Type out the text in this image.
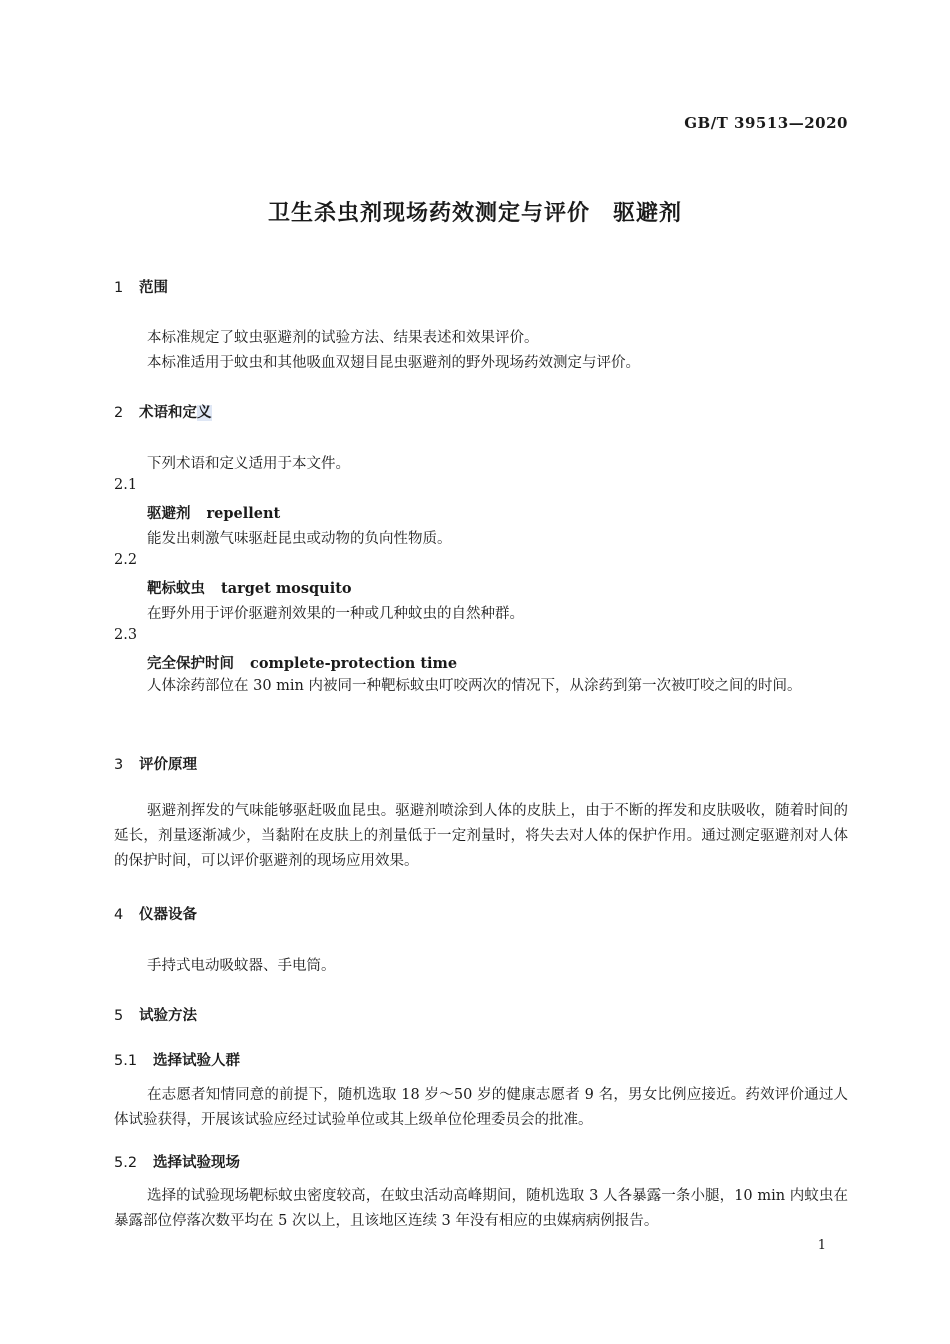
GB/T 39513—2020
卫生杀虫剂现场药效测定与评价　驱避剂
1 范围
本标准规定了蚊虫驱避剂的试验方法、结果表述和效果评价。
本标准适用于蚊虫和其他吸血双翅目昆虫驱避剂的野外现场药效测定与评价。
2 术语和定义
下列术语和定义适用于本文件。
2.1
驱避剂 repellent
能发出刺激气味驱赶昆虫或动物的负向性物质。
2.2
靶标蚊虫 target mosquito
在野外用于评价驱避剂效果的一种或几种蚊虫的自然种群。
2.3
完全保护时间 complete-protection time
人体涂药部位在 30 min 内被同一种靶标蚊虫叮咬两次的情况下，从涂药到第一次被叮咬之间的时间。
3 评价原理
驱避剂挥发的气味能够驱赶吸血昆虫。驱避剂喷涂到人体的皮肤上，由于不断的挥发和皮肤吸收，随着时间的延长，剂量逐渐减少，当黏附在皮肤上的剂量低于一定剂量时，将失去对人体的保护作用。通过测定驱避剂对人体的保护时间，可以评价驱避剂的现场应用效果。
4 仪器设备
手持式电动吸蚊器、手电筒。
5 试验方法
5.1 选择试验人群
在志愿者知情同意的前提下，随机选取 18 岁～50 岁的健康志愿者 9 名，男女比例应接近。药效评价通过人体试验获得，开展该试验应经过试验单位或其上级单位伦理委员会的批准。
5.2 选择试验现场
选择的试验现场靶标蚊虫密度较高，在蚊虫活动高峰期间，随机选取 3 人各暴露一条小腿，10 min 内蚊虫在暴露部位停落次数平均在 5 次以上，且该地区连续 3 年没有相应的虫媒病病例报告。
1
